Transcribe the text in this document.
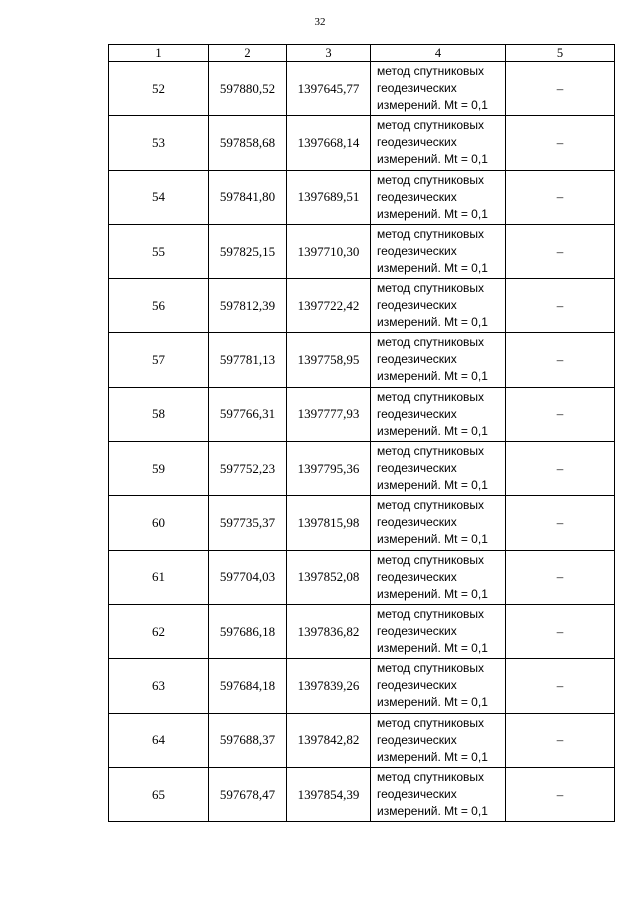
32
1	2	3	4	5
52	597880,52	1397645,77	метод спутниковых
геодезических
измерений. Mt = 0,1	–
53	597858,68	1397668,14	метод спутниковых
геодезических
измерений. Mt = 0,1	–
54	597841,80	1397689,51	метод спутниковых
геодезических
измерений. Mt = 0,1	–
55	597825,15	1397710,30	метод спутниковых
геодезических
измерений. Mt = 0,1	–
56	597812,39	1397722,42	метод спутниковых
геодезических
измерений. Mt = 0,1	–
57	597781,13	1397758,95	метод спутниковых
геодезических
измерений. Mt = 0,1	–
58	597766,31	1397777,93	метод спутниковых
геодезических
измерений. Mt = 0,1	–
59	597752,23	1397795,36	метод спутниковых
геодезических
измерений. Mt = 0,1	–
60	597735,37	1397815,98	метод спутниковых
геодезических
измерений. Mt = 0,1	–
61	597704,03	1397852,08	метод спутниковых
геодезических
измерений. Mt = 0,1	–
62	597686,18	1397836,82	метод спутниковых
геодезических
измерений. Mt = 0,1	–
63	597684,18	1397839,26	метод спутниковых
геодезических
измерений. Mt = 0,1	–
64	597688,37	1397842,82	метод спутниковых
геодезических
измерений. Mt = 0,1	–
65	597678,47	1397854,39	метод спутниковых
геодезических
измерений. Mt = 0,1	–
